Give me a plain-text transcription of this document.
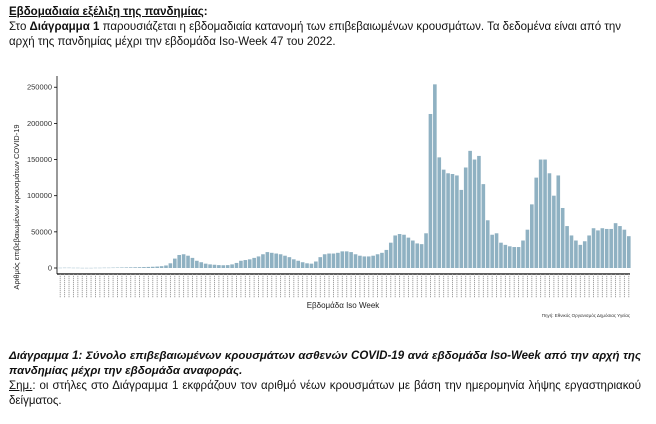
Εβδομαδιαία εξέλιξη της πανδημίας:
Στο Διάγραμμα 1 παρουσιάζεται η εβδομαδιαία κατανομή των επιβεβαιωμένων κρουσμάτων. Τα δεδομένα είναι από την αρχή της πανδημίας μέχρι την εβδομάδα Iso-Week 47 του 2022.
0
50000
100000
150000
200000
250000
Αριθμός επιβεβαιωμένων κρουσμάτων COVID-19
Εβδομάδα Iso Week
Πηγή: Εθνικός Οργανισμός Δημόσιας Υγείας
Διάγραμμα 1: Σύνολο επιβεβαιωμένων κρουσμάτων ασθενών COVID-19 ανά εβδομάδα Iso-Week από την αρχή της πανδημίας μέχρι την εβδομάδα αναφοράς.
Σημ.: οι στήλες στο Διάγραμμα 1 εκφράζουν τον αριθμό νέων κρουσμάτων με βάση την ημερομηνία λήψης εργαστηριακού δείγματος.
